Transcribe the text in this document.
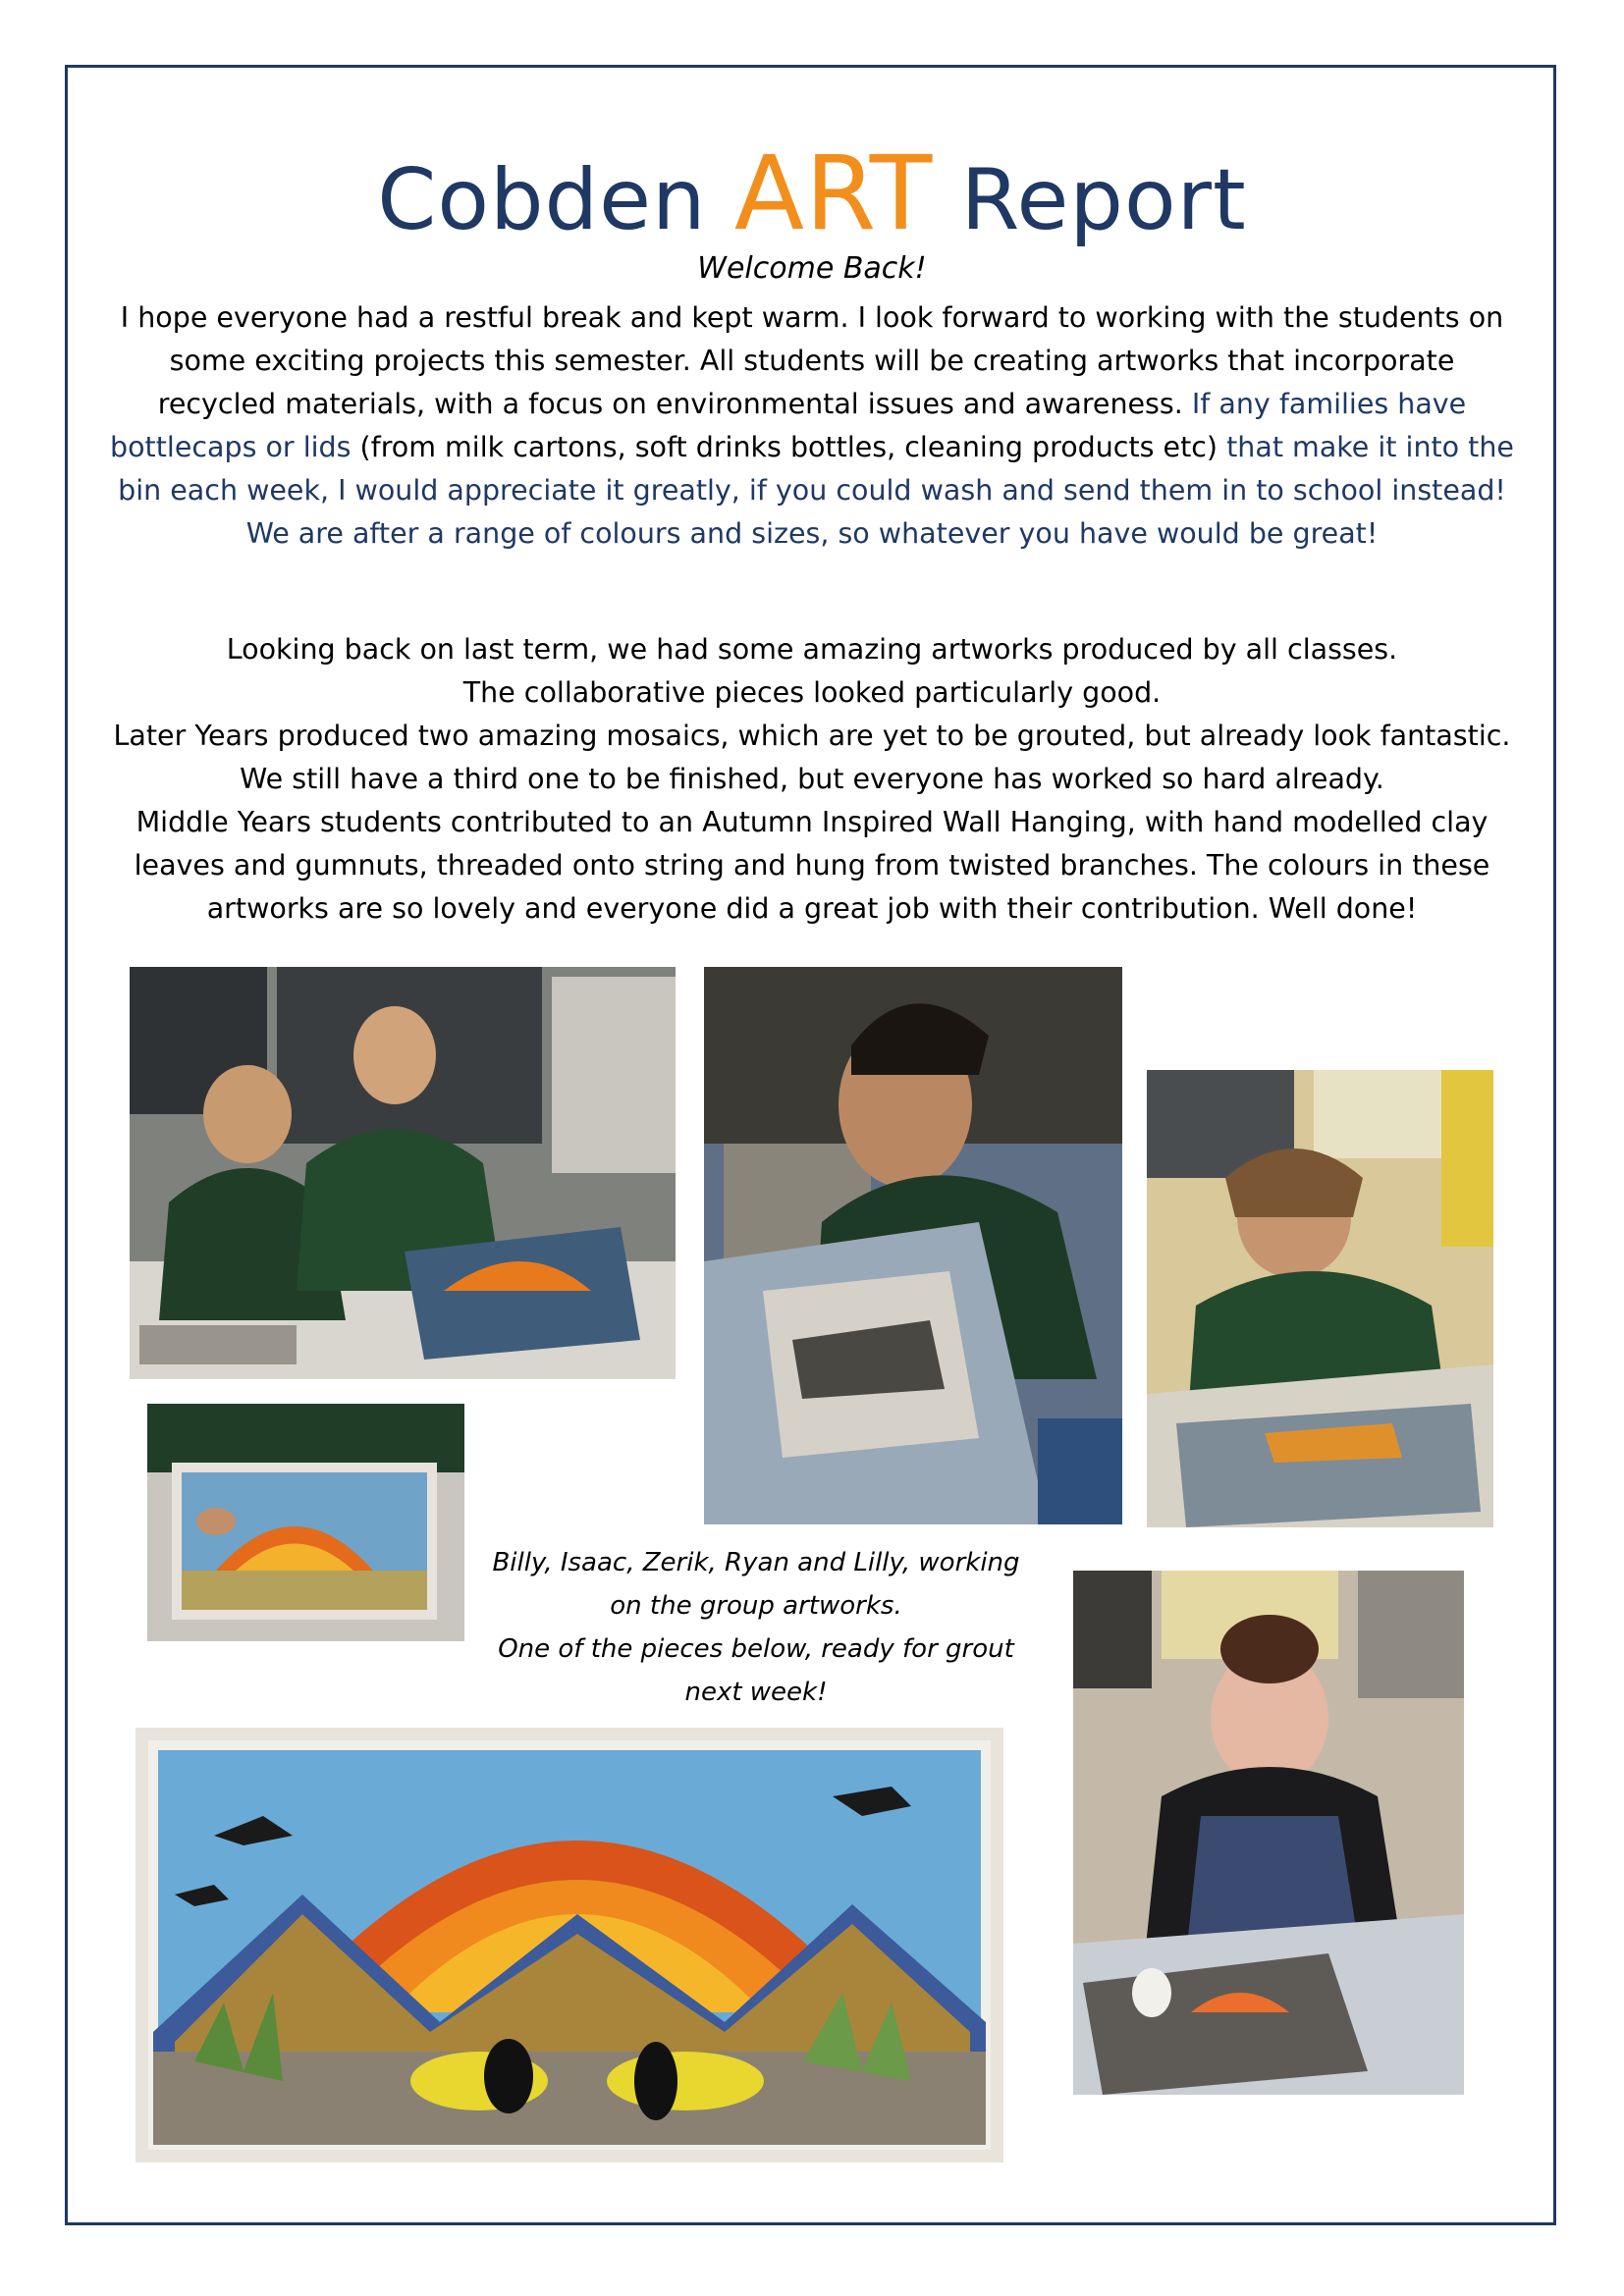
Cobden ART Report
Welcome Back!
I hope everyone had a restful break and kept warm. I look forward to working with the students on some exciting projects this semester. All students will be creating artworks that incorporate recycled materials, with a focus on environmental issues and awareness. If any families have bottlecaps or lids (from milk cartons, soft drinks bottles, cleaning products etc) that make it into the bin each week, I would appreciate it greatly, if you could wash and send them in to school instead!
We are after a range of colours and sizes, so whatever you have would be great!
Looking back on last term, we had some amazing artworks produced by all classes.
The collaborative pieces looked particularly good.
Later Years produced two amazing mosaics, which are yet to be grouted, but already look fantastic.
We still have a third one to be finished, but everyone has worked so hard already.
Middle Years students contributed to an Autumn Inspired Wall Hanging, with hand modelled clay leaves and gumnuts, threaded onto string and hung from twisted branches. The colours in these artworks are so lovely and everyone did a great job with their contribution. Well done!
Billy, Isaac, Zerik, Ryan and Lilly, working on the group artworks.
One of the pieces below, ready for grout next week!
